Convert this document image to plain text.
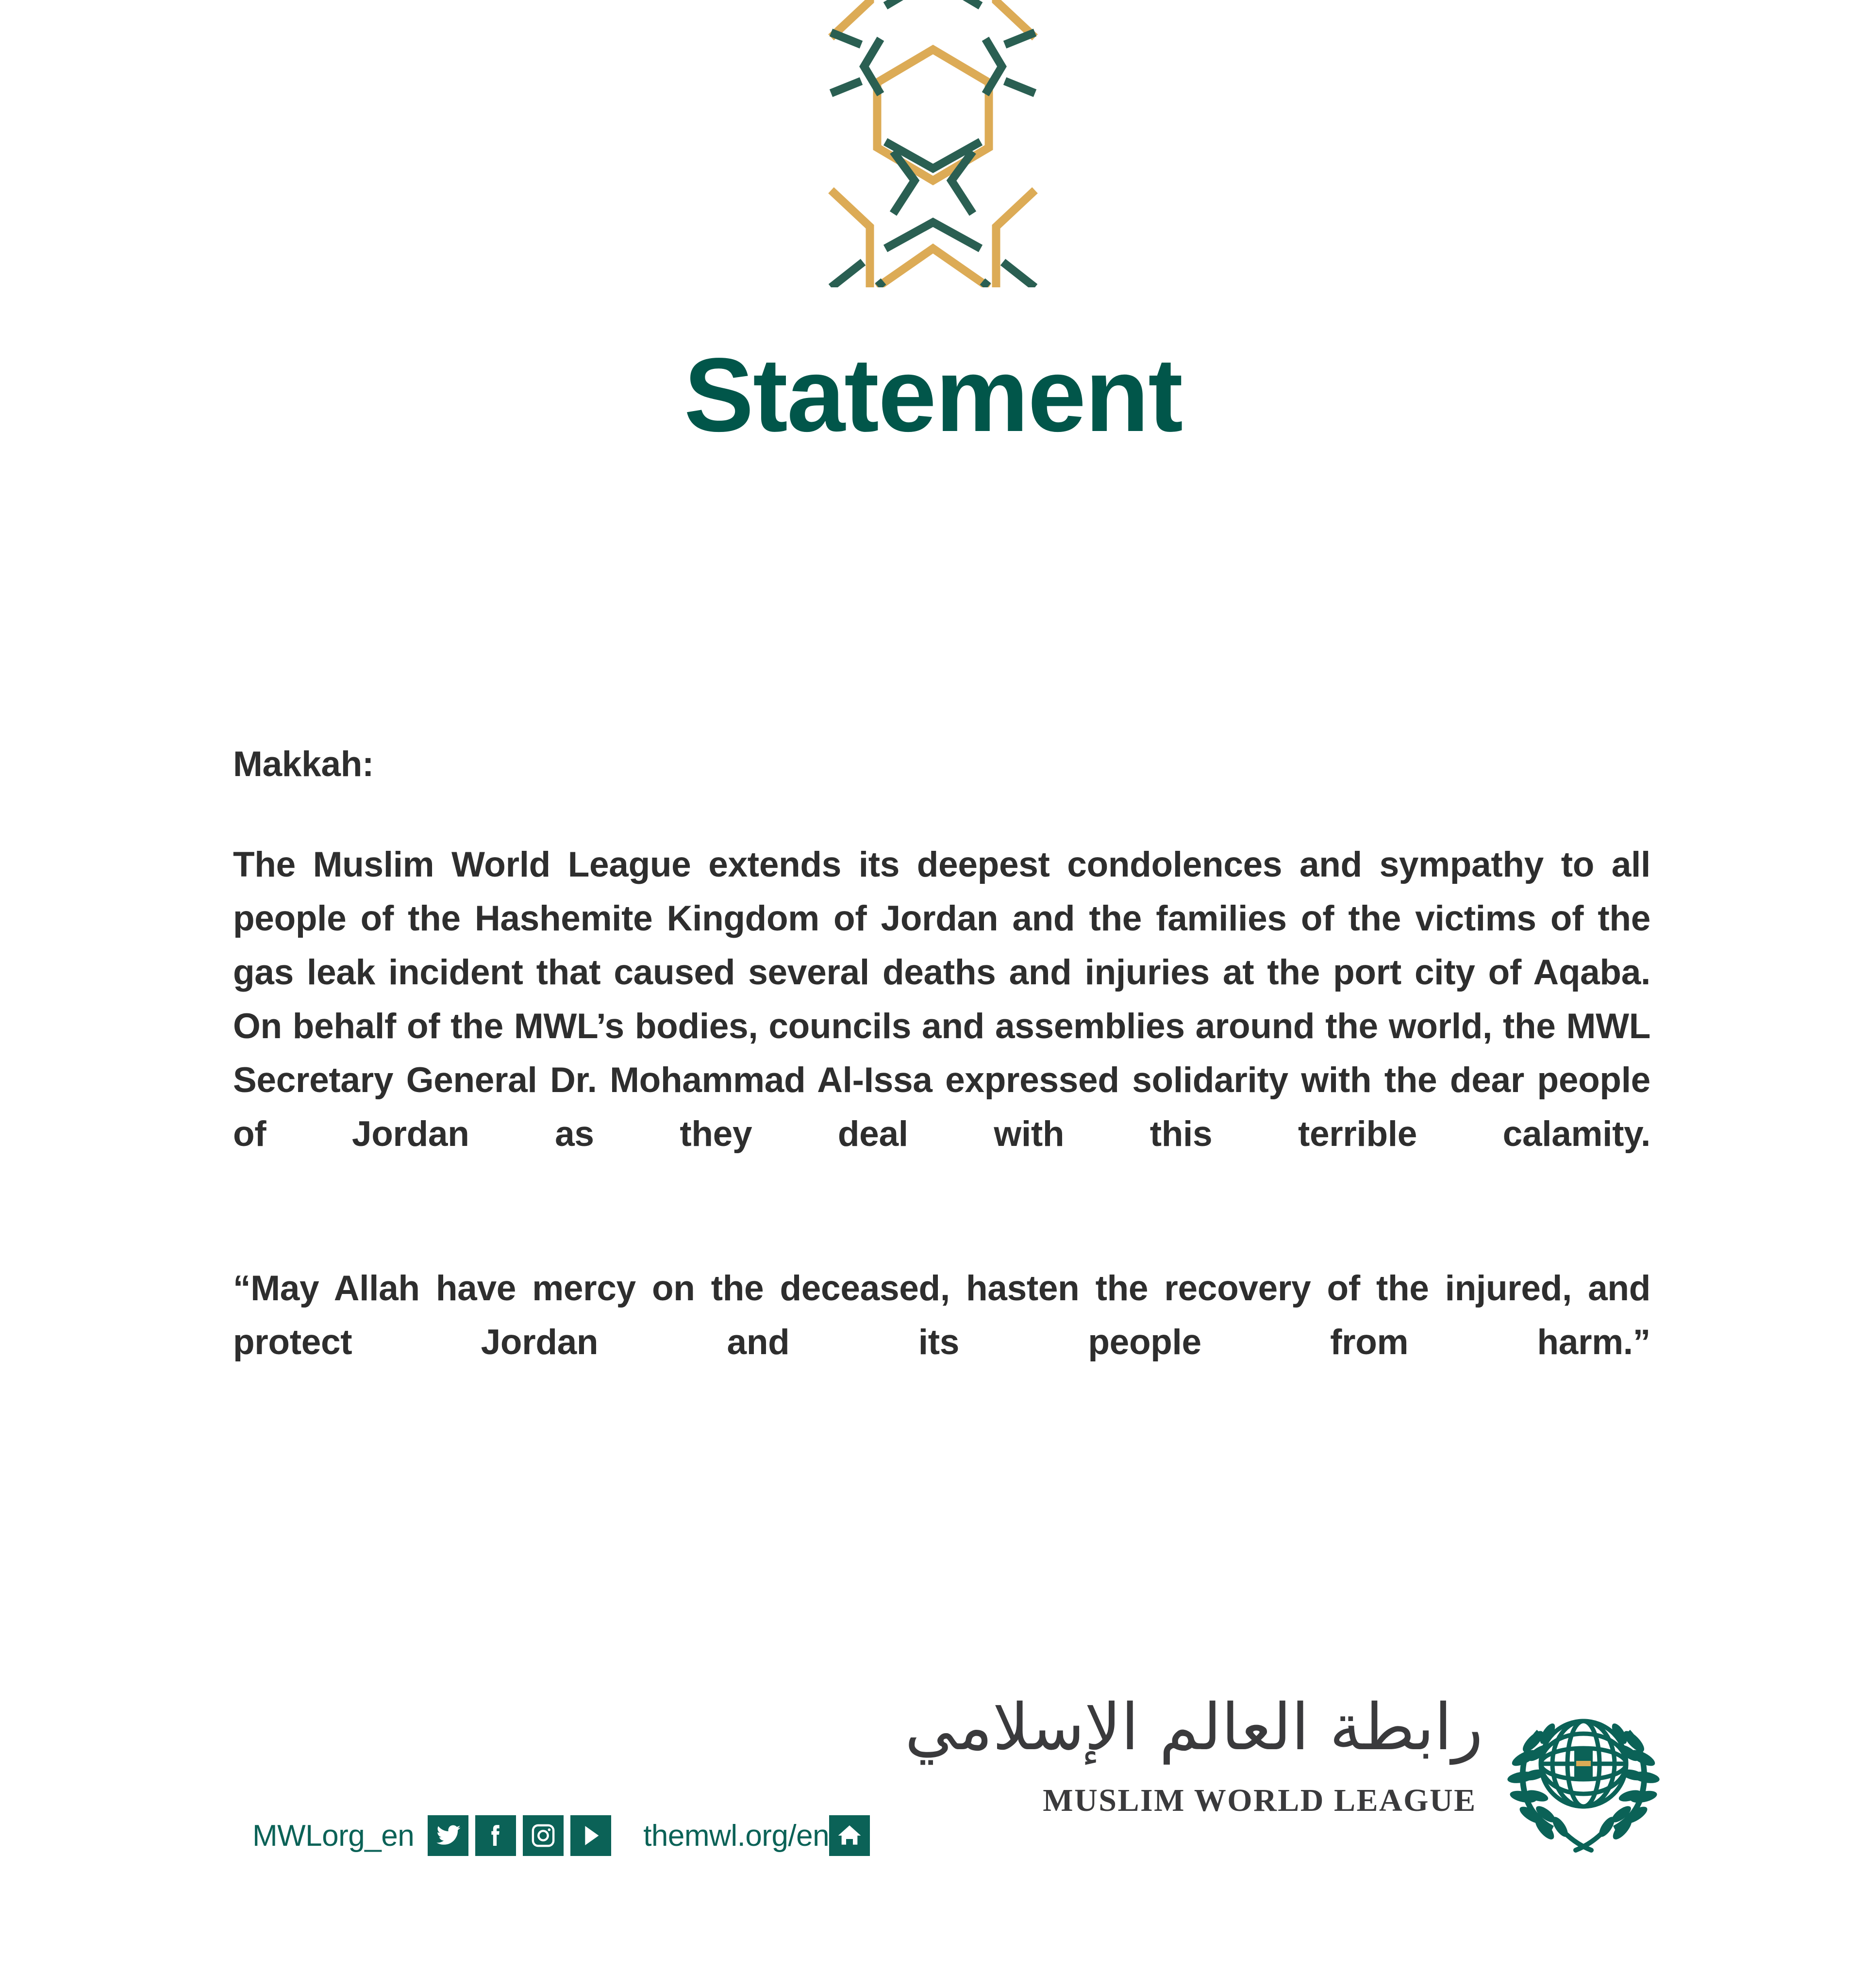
Statement

Makkah:

The Muslim World League extends its deepest condolences and sympathy to all people of the Hashemite Kingdom of Jordan and the families of the victims of the gas leak incident that caused several deaths and injuries at the port city of Aqaba. On behalf of the MWL’s bodies, councils and assemblies around the world, the MWL Secretary General Dr. Mohammad Al-Issa expressed solidarity with the dear people of Jordan as they deal with this terrible calamity.

“May Allah have mercy on the deceased, hasten the recovery of the injured, and protect Jordan and its people from harm.”

MWLorg_en	themwl.org/en

رابطة العالم الإسلامي

MUSLIM WORLD LEAGUE
